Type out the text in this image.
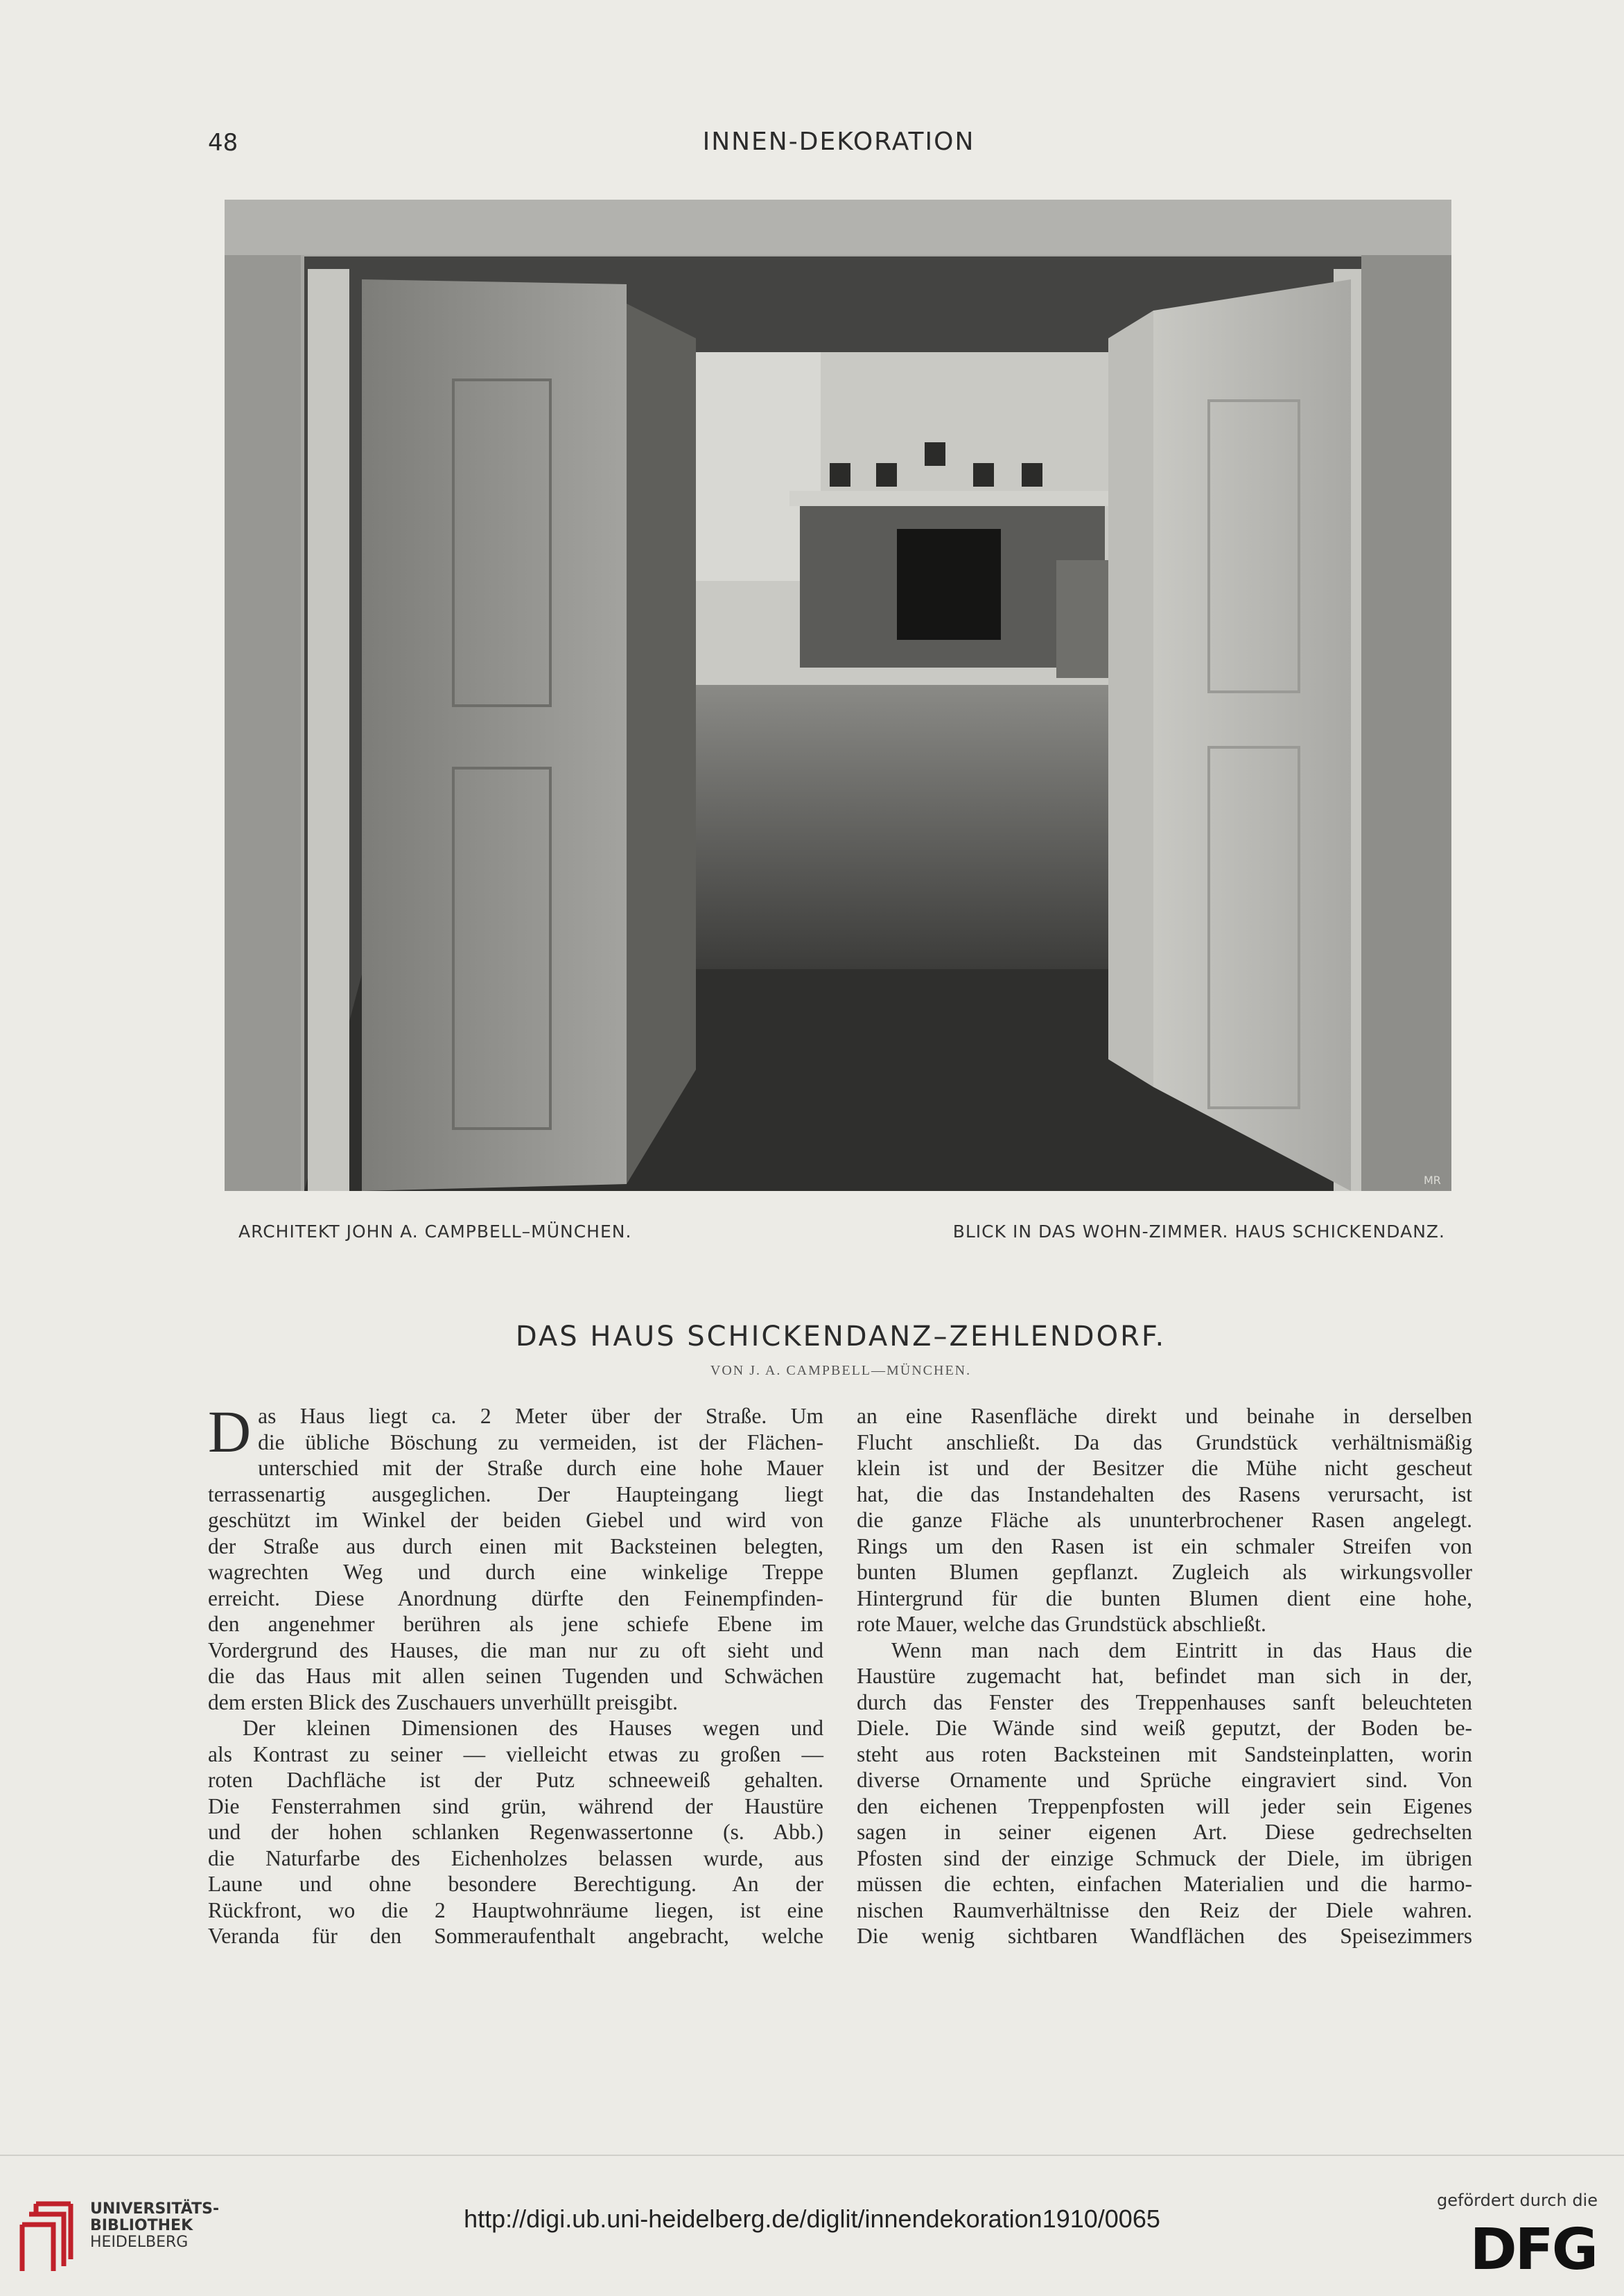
48	INNEN-DEKORATION
MR
ARCHITEKT JOHN A. CAMPBELL–MÜNCHEN.	BLICK IN DAS WOHN-ZIMMER. HAUS SCHICKENDANZ.
DAS HAUS SCHICKENDANZ–ZEHLENDORF.
VON J. A. CAMPBELL—MÜNCHEN.
D as Haus liegt ca. 2 Meter über der Straße. Um

die übliche Böschung zu vermeiden, ist der Flächen-

unterschied mit der Straße durch eine hohe Mauer

terrassenartig ausgeglichen. Der Haupteingang liegt

geschützt im Winkel der beiden Giebel und wird von

der Straße aus durch einen mit Backsteinen belegten,

wagrechten Weg und durch eine winkelige Treppe

erreicht. Diese Anordnung dürfte den Feinempfinden-

den angenehmer berühren als jene schiefe Ebene im

Vordergrund des Hauses, die man nur zu oft sieht und

die das Haus mit allen seinen Tugenden und Schwächen

dem ersten Blick des Zuschauers unverhüllt preisgibt.

Der kleinen Dimensionen des Hauses wegen und

als Kontrast zu seiner — vielleicht etwas zu großen —

roten Dachfläche ist der Putz schneeweiß gehalten.

Die Fensterrahmen sind grün, während der Haustüre

und der hohen schlanken Regenwassertonne (s. Abb.)

die Naturfarbe des Eichenholzes belassen wurde, aus

Laune und ohne besondere Berechtigung. An der

Rückfront, wo die 2 Hauptwohnräume liegen, ist eine

Veranda für den Sommeraufenthalt angebracht, welche

an eine Rasenfläche direkt und beinahe in derselben

Flucht anschließt. Da das Grundstück verhältnismäßig

klein ist und der Besitzer die Mühe nicht gescheut

hat, die das Instandehalten des Rasens verursacht, ist

die ganze Fläche als ununterbrochener Rasen angelegt.

Rings um den Rasen ist ein schmaler Streifen von

bunten Blumen gepflanzt. Zugleich als wirkungsvoller

Hintergrund für die bunten Blumen dient eine hohe,

rote Mauer, welche das Grundstück abschließt.

Wenn man nach dem Eintritt in das Haus die

Haustüre zugemacht hat, befindet man sich in der,

durch das Fenster des Treppenhauses sanft beleuchteten

Diele. Die Wände sind weiß geputzt, der Boden be-

steht aus roten Backsteinen mit Sandsteinplatten, worin

diverse Ornamente und Sprüche eingraviert sind. Von

den eichenen Treppenpfosten will jeder sein Eigenes

sagen in seiner eigenen Art. Diese gedrechselten

Pfosten sind der einzige Schmuck der Diele, im übrigen

müssen die echten, einfachen Materialien und die harmo-

nischen Raumverhältnisse den Reiz der Diele wahren.

Die wenig sichtbaren Wandflächen des Speisezimmers

UNIVERSITÄTS-
BIBLIOTHEK
HEIDELBERG
http://digi.ub.uni-heidelberg.de/diglit/innendekoration1910/0065
gefördert durch die
DFG
